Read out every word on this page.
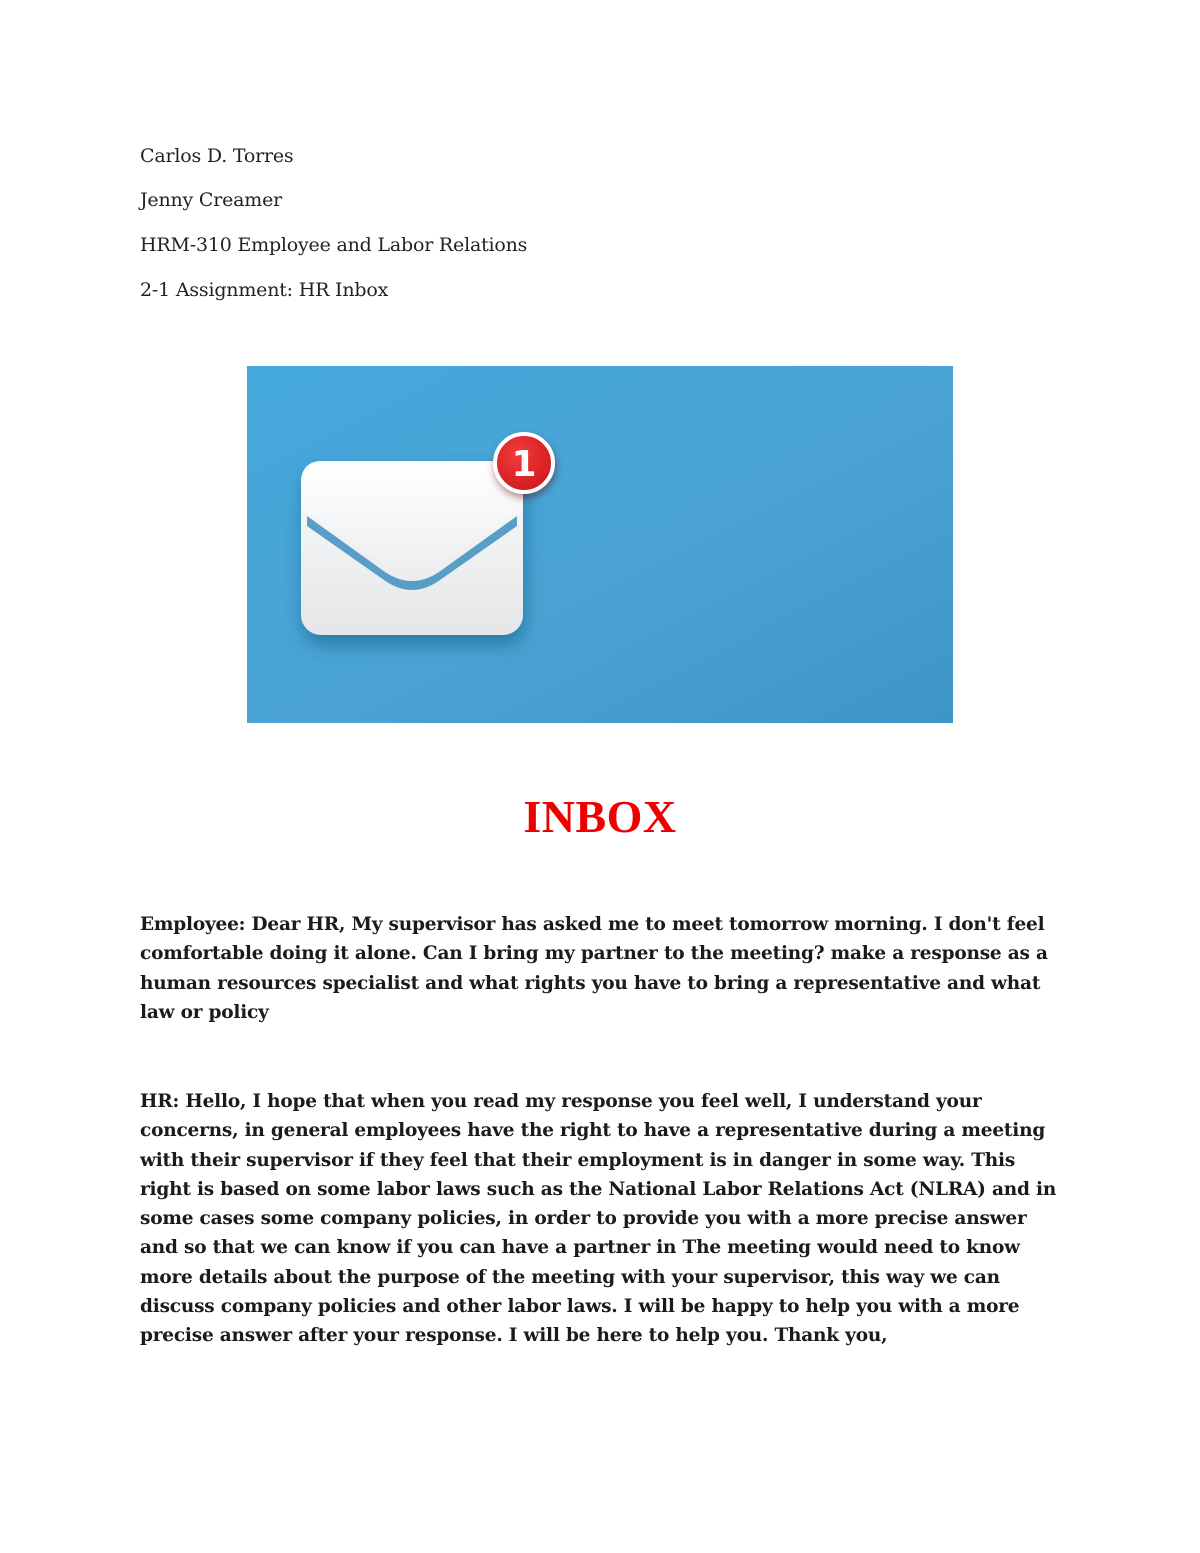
Carlos D. Torres
Jenny Creamer
HRM-310 Employee and Labor Relations
2-1 Assignment: HR Inbox
1
INBOX

Employee: Dear HR, My supervisor has asked me to meet tomorrow morning. I don't feel comfortable doing it alone. Can I bring my partner to the meeting? make a response as a human resources specialist and what rights you have to bring a representative and what law or policy

HR: Hello, I hope that when you read my response you feel well, I understand your concerns, in general employees have the right to have a representative during a meeting with their supervisor if they feel that their employment is in danger in some way. This right is based on some labor laws such as the National Labor Relations Act (NLRA) and in some cases some company policies, in order to provide you with a more precise answer and so that we can know if you can have a partner in The meeting would need to know more details about the purpose of the meeting with your supervisor, this way we can discuss company policies and other labor laws. I will be happy to help you with a more precise answer after your response. I will be here to help you. Thank you,
